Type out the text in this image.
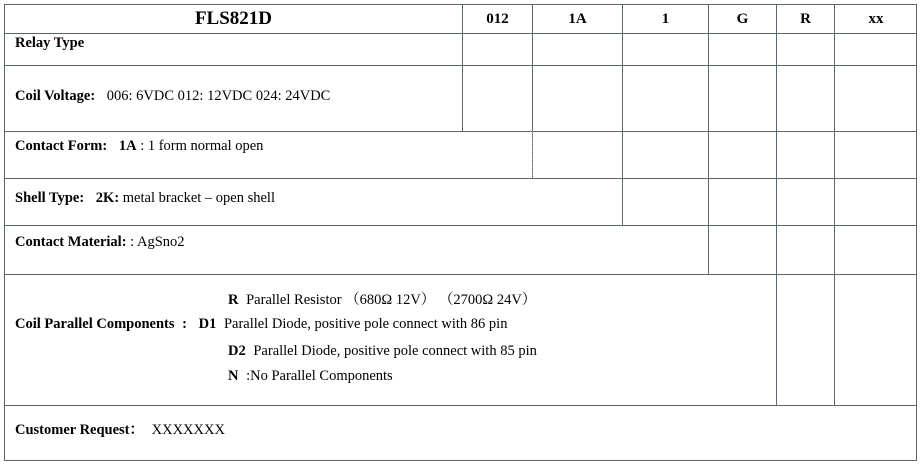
FLS821D	012	1A	1	G	R	xx
Relay Type
Coil Voltage: 006: 6VDC 012: 12VDC 024: 24VDC
Contact Form: 1A : 1 form normal open
Shell Type: 2K: metal bracket – open shell
Contact Material: : AgSno2
R Parallel Resistor （680Ω 12V） （2700Ω 24V）
Coil Parallel Components : D1 Parallel Diode, positive pole connect with 86 pin
D2 Parallel Diode, positive pole connect with 85 pin
N :No Parallel Components
Customer Request： XXXXXXX
